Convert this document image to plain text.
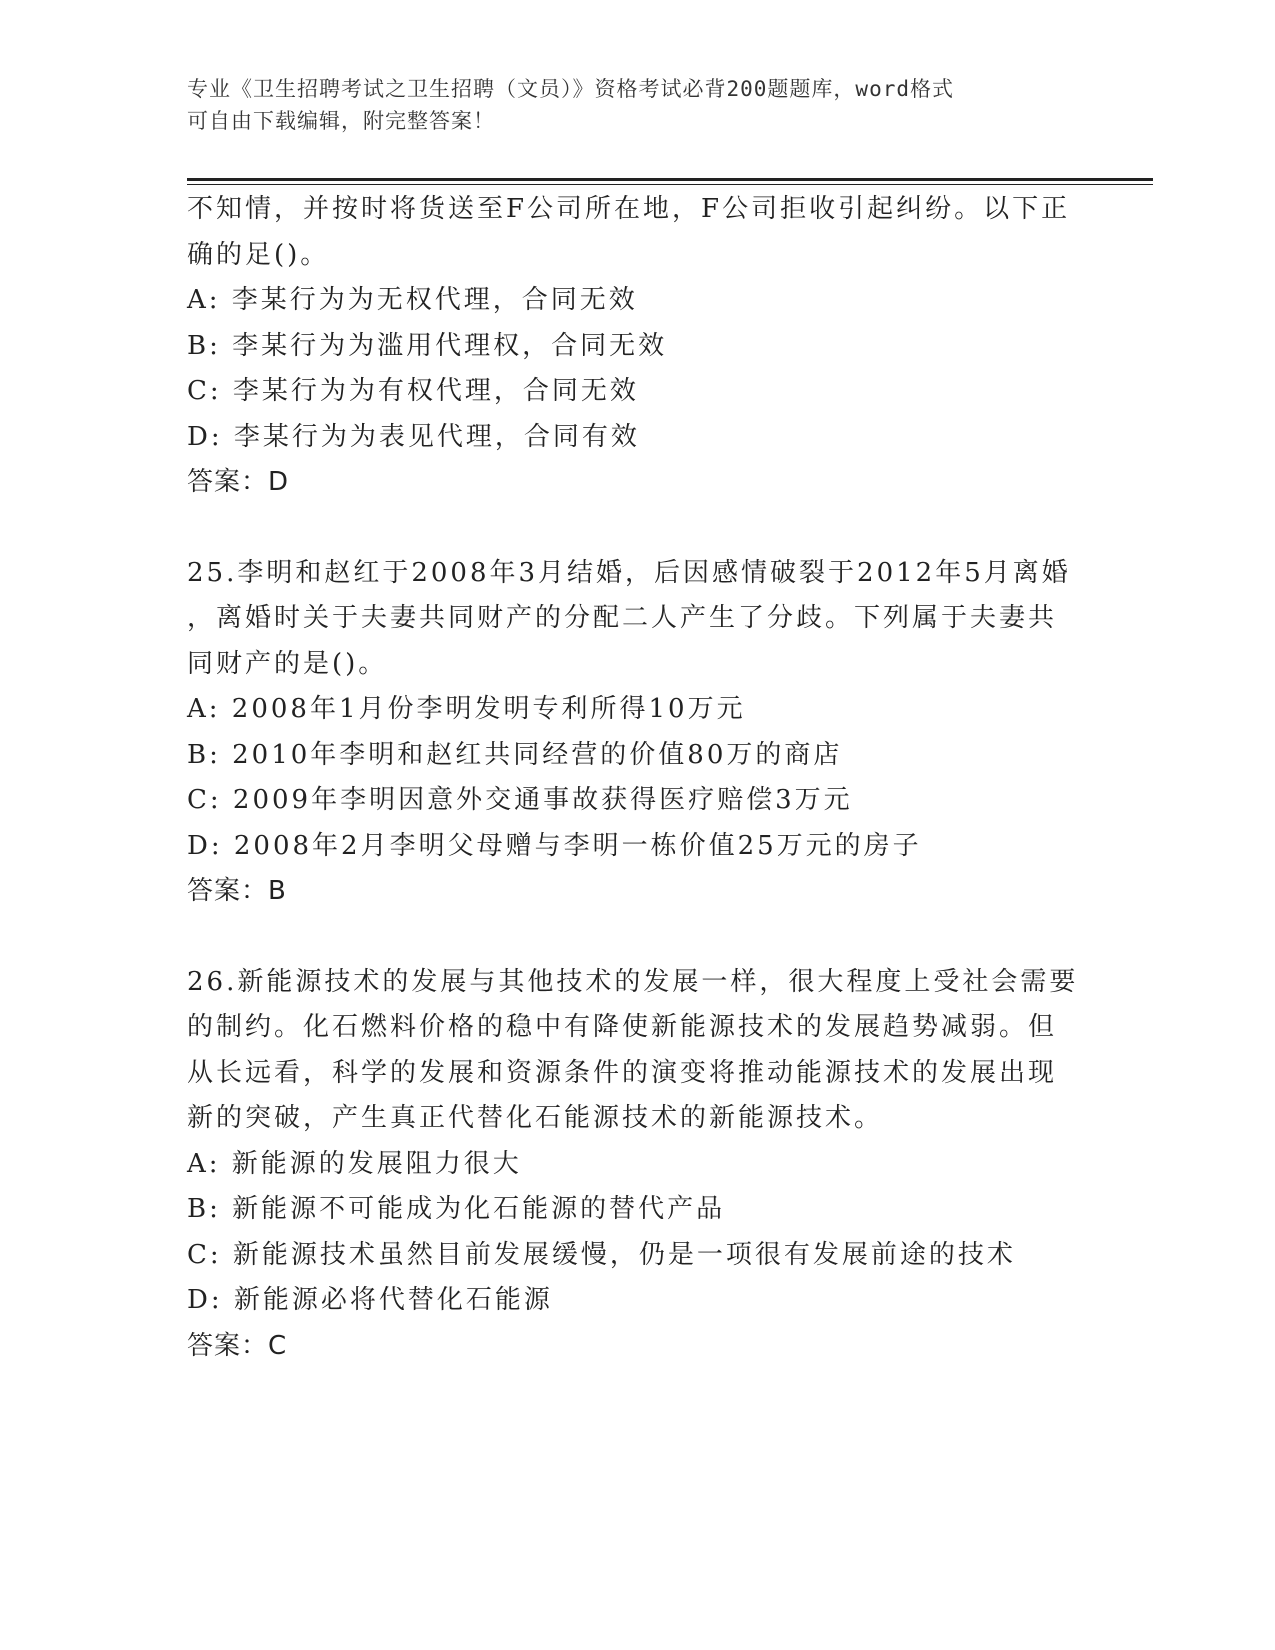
专业《卫生招聘考试之卫生招聘（文员）》资格考试必背200题题库，word格式
可自由下载编辑，附完整答案！
不知情，并按时将货送至F公司所在地，F公司拒收引起纠纷。以下正
确的足()。
A: 李某行为为无权代理，合同无效
B: 李某行为为滥用代理权，合同无效
C: 李某行为为有权代理，合同无效
D: 李某行为为表见代理，合同有效
答案：D
25.李明和赵红于2008年3月结婚，后因感情破裂于2012年5月离婚
，离婚时关于夫妻共同财产的分配二人产生了分歧。下列属于夫妻共
同财产的是()。
A: 2008年1月份李明发明专利所得10万元
B: 2010年李明和赵红共同经营的价值80万的商店
C: 2009年李明因意外交通事故获得医疗赔偿3万元
D: 2008年2月李明父母赠与李明一栋价值25万元的房子
答案：B
26.新能源技术的发展与其他技术的发展一样，很大程度上受社会需要
的制约。化石燃料价格的稳中有降使新能源技术的发展趋势减弱。但
从长远看，科学的发展和资源条件的演变将推动能源技术的发展出现
新的突破，产生真正代替化石能源技术的新能源技术。
A: 新能源的发展阻力很大
B: 新能源不可能成为化石能源的替代产品
C: 新能源技术虽然目前发展缓慢，仍是一项很有发展前途的技术
D: 新能源必将代替化石能源
答案：C
